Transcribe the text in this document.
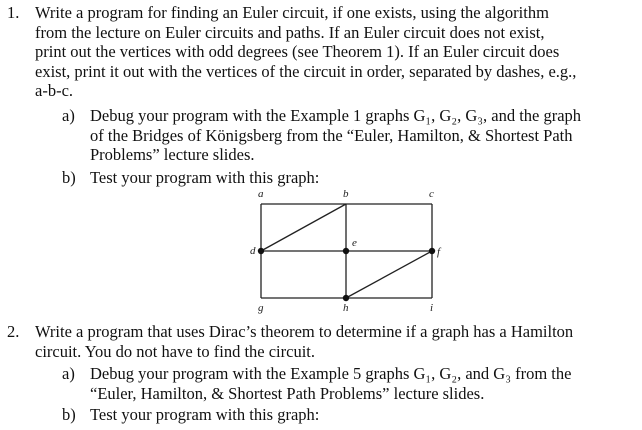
1. Write a program for finding an Euler circuit, if one exists, using the algorithm
from the lecture on Euler circuits and paths. If an Euler circuit does not exist,
print out the vertices with odd degrees (see Theorem 1). If an Euler circuit does
exist, print it out with the vertices of the circuit in order, separated by dashes, e.g.,
a-b-c.
a) Debug your program with the Example 1 graphs G₁, G₂, G₃, and the graph
of the Bridges of Königsberg from the “Euler, Hamilton, & Shortest Path
Problems” lecture slides.
b) Test your program with this graph:
a	b	c
d
e
f
g	h	i
2. Write a program that uses Dirac’s theorem to determine if a graph has a Hamilton
circuit. You do not have to find the circuit.
a) Debug your program with the Example 5 graphs G₁, G₂, and G₃ from the
“Euler, Hamilton, & Shortest Path Problems” lecture slides.
b) Test your program with this graph:
